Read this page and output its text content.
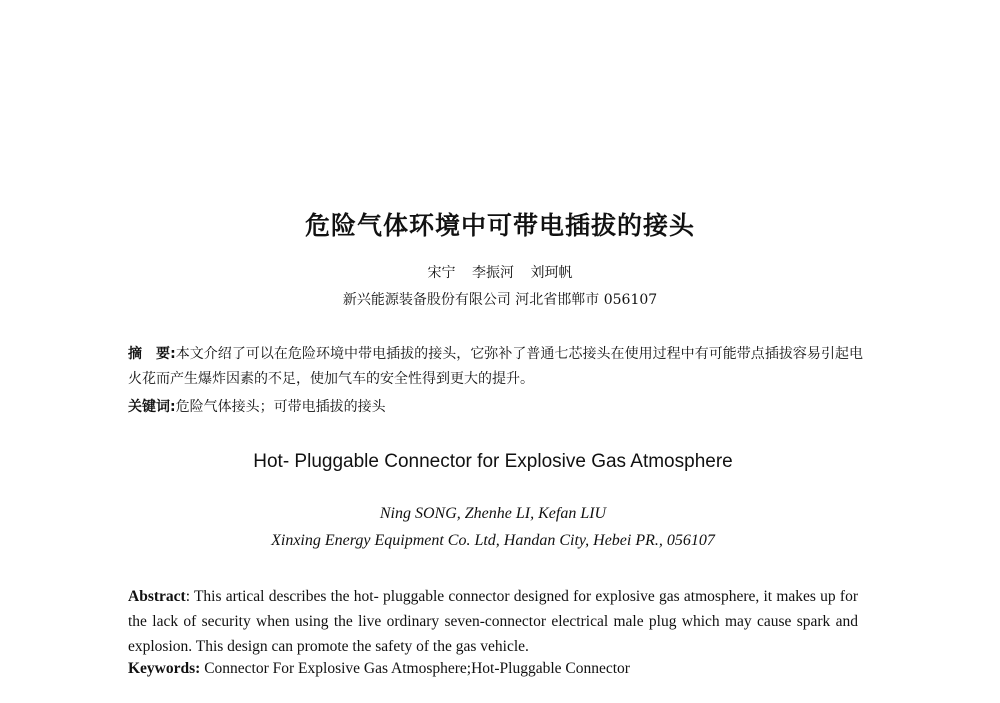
危险气体环境中可带电插拔的接头
宋宁 李振河 刘珂帆
新兴能源装备股份有限公司 河北省邯郸市 056107
摘　要:本文介绍了可以在危险环境中带电插拔的接头，它弥补了普通七芯接头在使用过程中有可能带点插拔容易引起电火花而产生爆炸因素的不足，使加气车的安全性得到更大的提升。
关键词:危险气体接头；可带电插拔的接头
Hot- Pluggable Connector for Explosive Gas Atmosphere
Ning SONG, Zhenhe LI, Kefan LIU
Xinxing Energy Equipment Co. Ltd, Handan City, Hebei PR., 056107
Abstract: This artical describes the hot- pluggable connector designed for explosive gas atmosphere, it makes up for the lack of security when using the live ordinary seven-connector electrical male plug which may cause spark and explosion. This design can promote the safety of the gas vehicle.
Keywords: Connector For Explosive Gas Atmosphere;Hot-Pluggable Connector
